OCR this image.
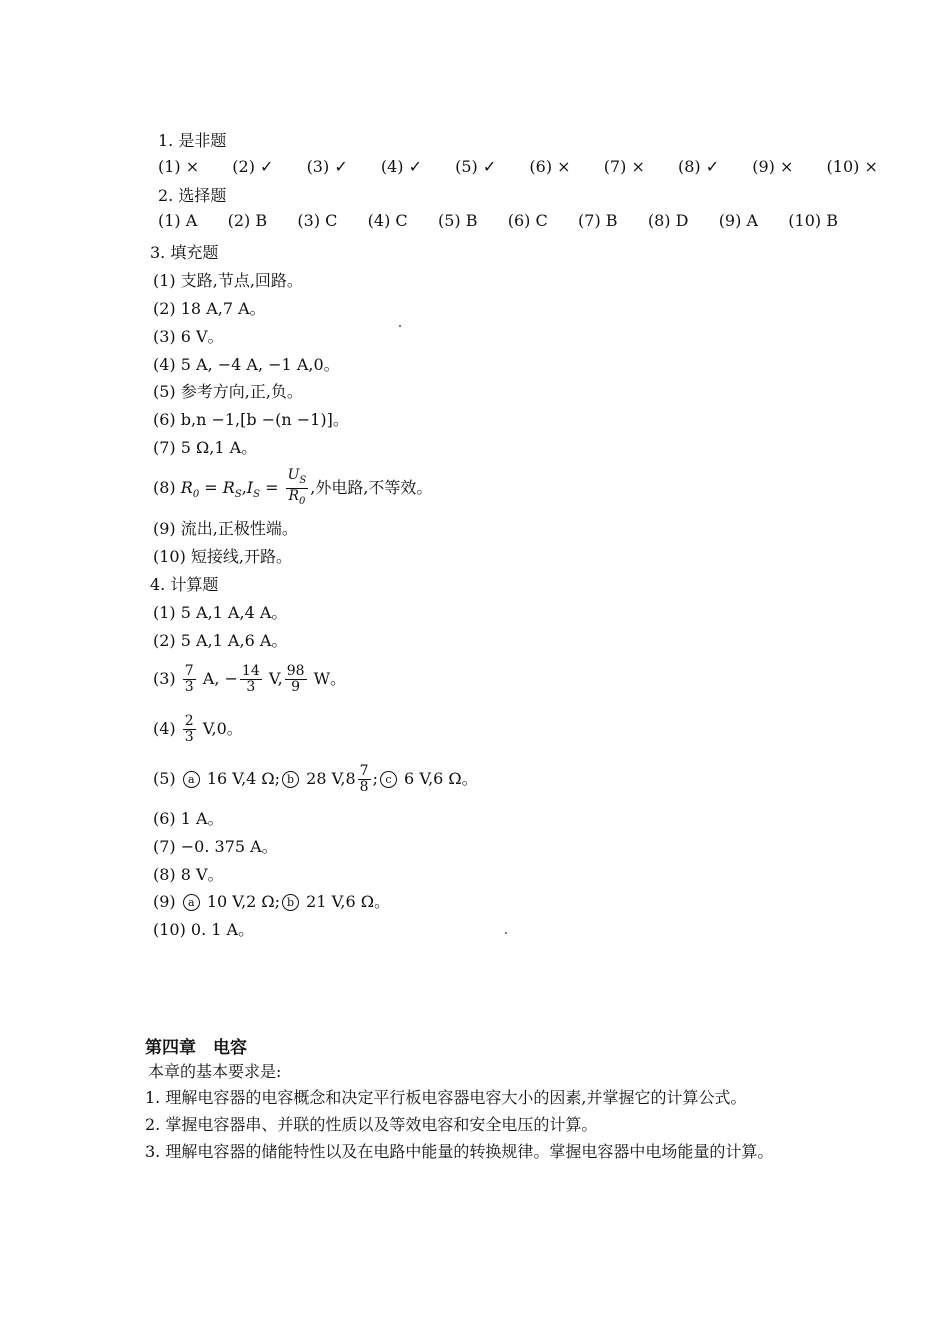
1. 是非题
(1) × (2) ✓ (3) ✓ (4) ✓ (5) ✓ (6) × (7) × (8) ✓ (9) × (10) ×
2. 选择题
(1) A (2) B (3) C (4) C (5) B (6) C (7) B (8) D (9) A (10) B
3. 填充题
(1) 支路,节点,回路。
(2) 18 A,7 A。
(3) 6 V。
(4) 5 A, −4 A, −1 A,0。
(5) 参考方向,正,负。
(6) b,n −1,[b −(n −1)]。
(7) 5 Ω,1 A。
(8) $R_0 = R_S,I_S = \frac{U_S}{R_0}$ ,外电路,不等效。
(9) 流出,正极性端。
(10) 短接线,开路。
4. 计算题
(1) 5 A,1 A,4 A。
(2) 5 A,1 A,6 A。
$(3) \frac{7}{3} A$, − $\frac{14}{3} V$, $\frac{98}{9}$ W。
$(4) \frac{2}{3} V,0$。
(5) a 16 V,4 Ω; b 28 $V,8 \frac{7}{8}$ ; c 6 V,6 Ω。
(6) 1 A。
(7) −0. 375 A。
(8) 8 V。
(9) a 10 V,2 Ω; b 21 V,6 Ω。
(10) 0. 1 A。
第四章　电容
本章的基本要求是:
1. 理解电容器的电容概念和决定平行板电容器电容大小的因素,并掌握它的计算公式。
2. 掌握电容器串、并联的性质以及等效电容和安全电压的计算。
3. 理解电容器的储能特性以及在电路中能量的转换规律。掌握电容器中电场能量的计算。
